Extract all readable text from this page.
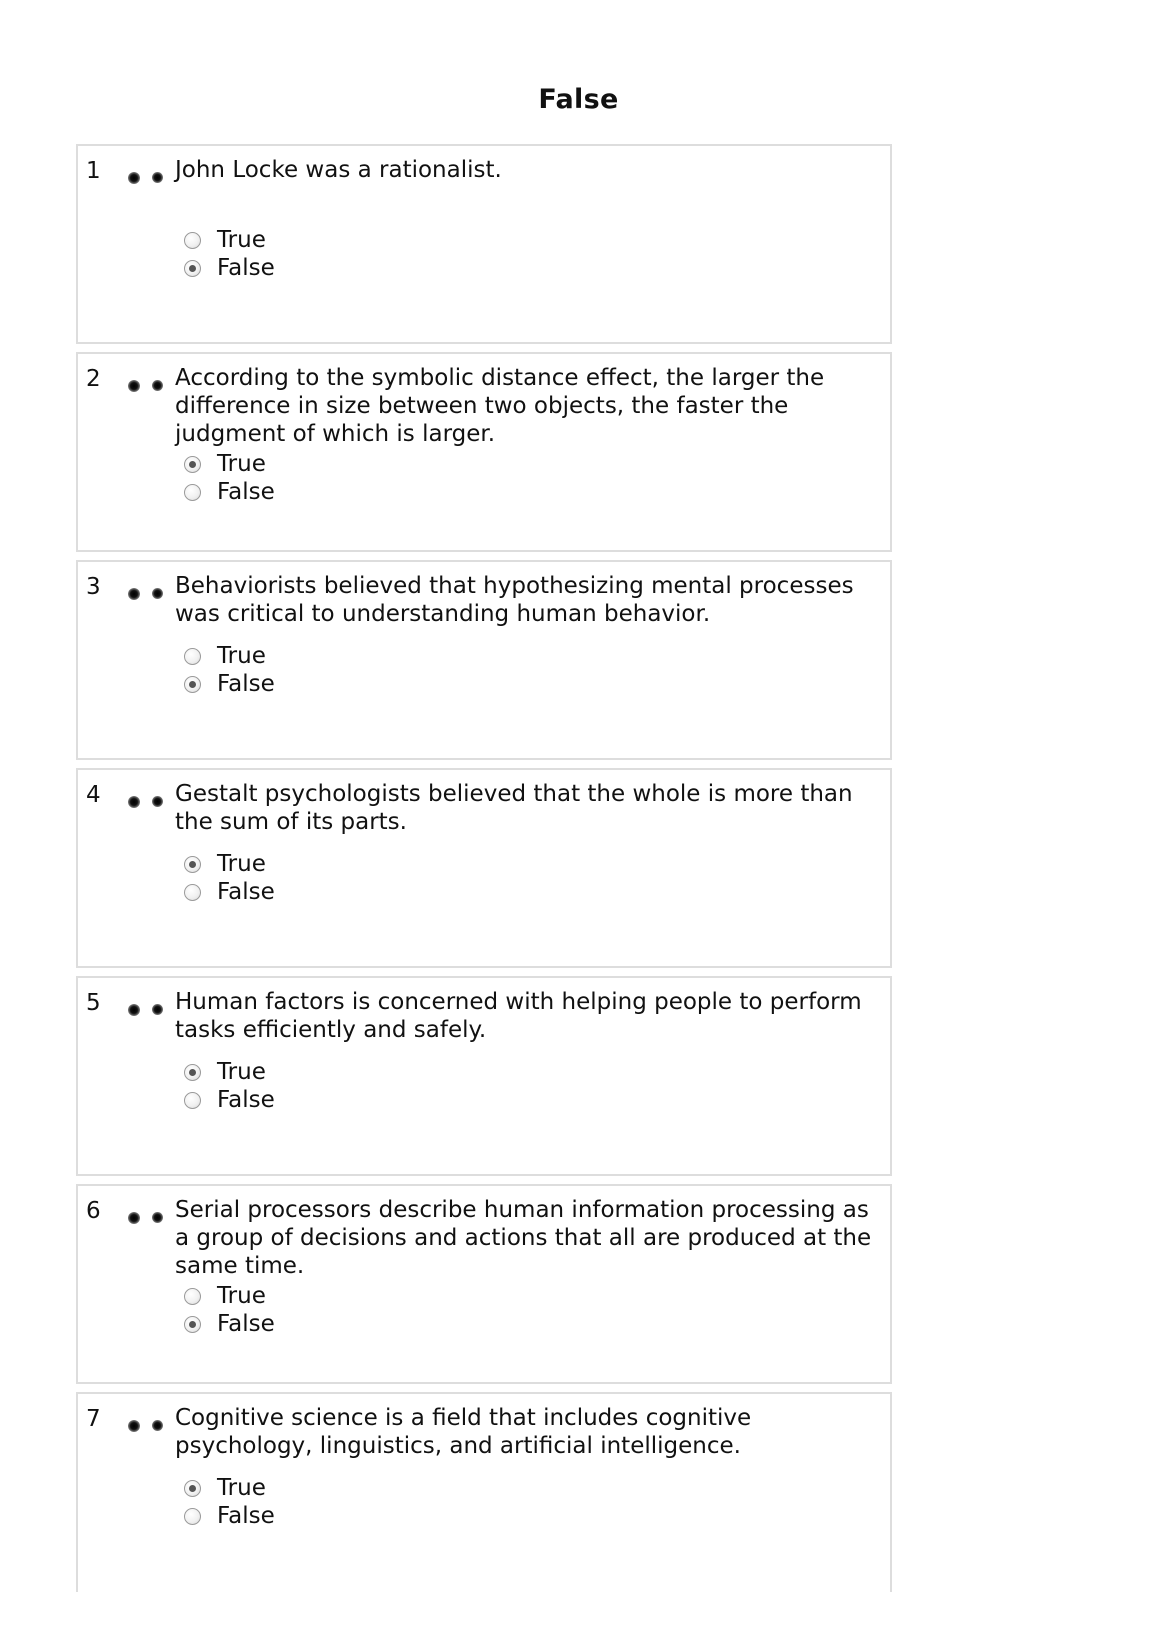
False
1	John Locke was a rationalist.
True
False
2	According to the symbolic distance effect, the larger the difference in size between two objects, the faster the judgment of which is larger.
True
False
3	Behaviorists believed that hypothesizing mental processes was critical to understanding human behavior.
True
False
4	Gestalt psychologists believed that the whole is more than the sum of its parts.
True
False
5	Human factors is concerned with helping people to perform tasks efficiently and safely.
True
False
6	Serial processors describe human information processing as a group of decisions and actions that all are produced at the same time.
True
False
7	Cognitive science is a field that includes cognitive psychology, linguistics, and artificial intelligence.
True
False
